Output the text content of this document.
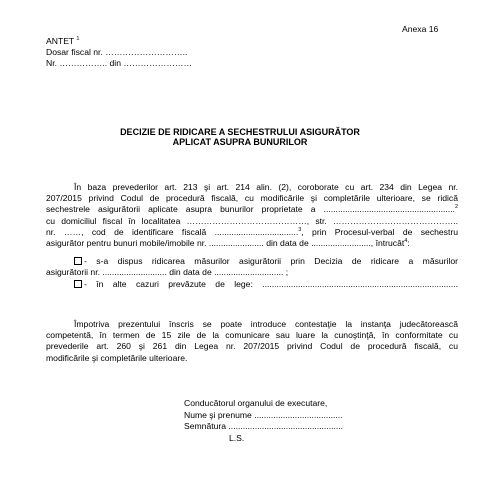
Anexa 16
ANTET $^1$
Dosar fiscal nr. ………………………..
Nr. …………….. din ……………………
DECIZIE DE RIDICARE A SECHESTRULUI ASIGURĂTOR
APLICAT ASUPRA BUNURILOR
În baza prevederilor art. 213 şi art. 214 alin. (2), coroborate cu art. 234 din Legea nr.
207/2015 privind Codul de procedură fiscală, cu modificările şi completările ulterioare, se ridică
sechestrele asigurătorii aplicate asupra bunurilor proprietate a .......................................................$^2$
cu domiciliul fiscal în localitatea ……………………………………, str. ……………………………………..
nr. ……, cod de identificare fiscală ...................................$^3$, prin Procesul-verbal de sechestru
asigurător pentru bunuri mobile/imobile nr. ....................... din data de ........................., întrucât$^4$:
- s-a dispus ridicarea măsurilor asigurătorii prin Decizia de ridicare a măsurilor
asigurătorii nr. ........................... din data de ............................. ;
- în alte cazuri prevăzute de lege: ..................................................................................
Împotriva prezentului înscris se poate introduce contestaţie la instanţa judecătorească
competentă, în termen de 15 zile de la comunicare sau luare la cunoştinţă, în conformitate cu
prevederile art. 260 şi 261 din Legea nr. 207/2015 privind Codul de procedură fiscală, cu
modificările şi completările ulterioare.
Conducătorul organului de executare,
Nume şi prenume .....................................
Semnătura ................................................
L.S.
